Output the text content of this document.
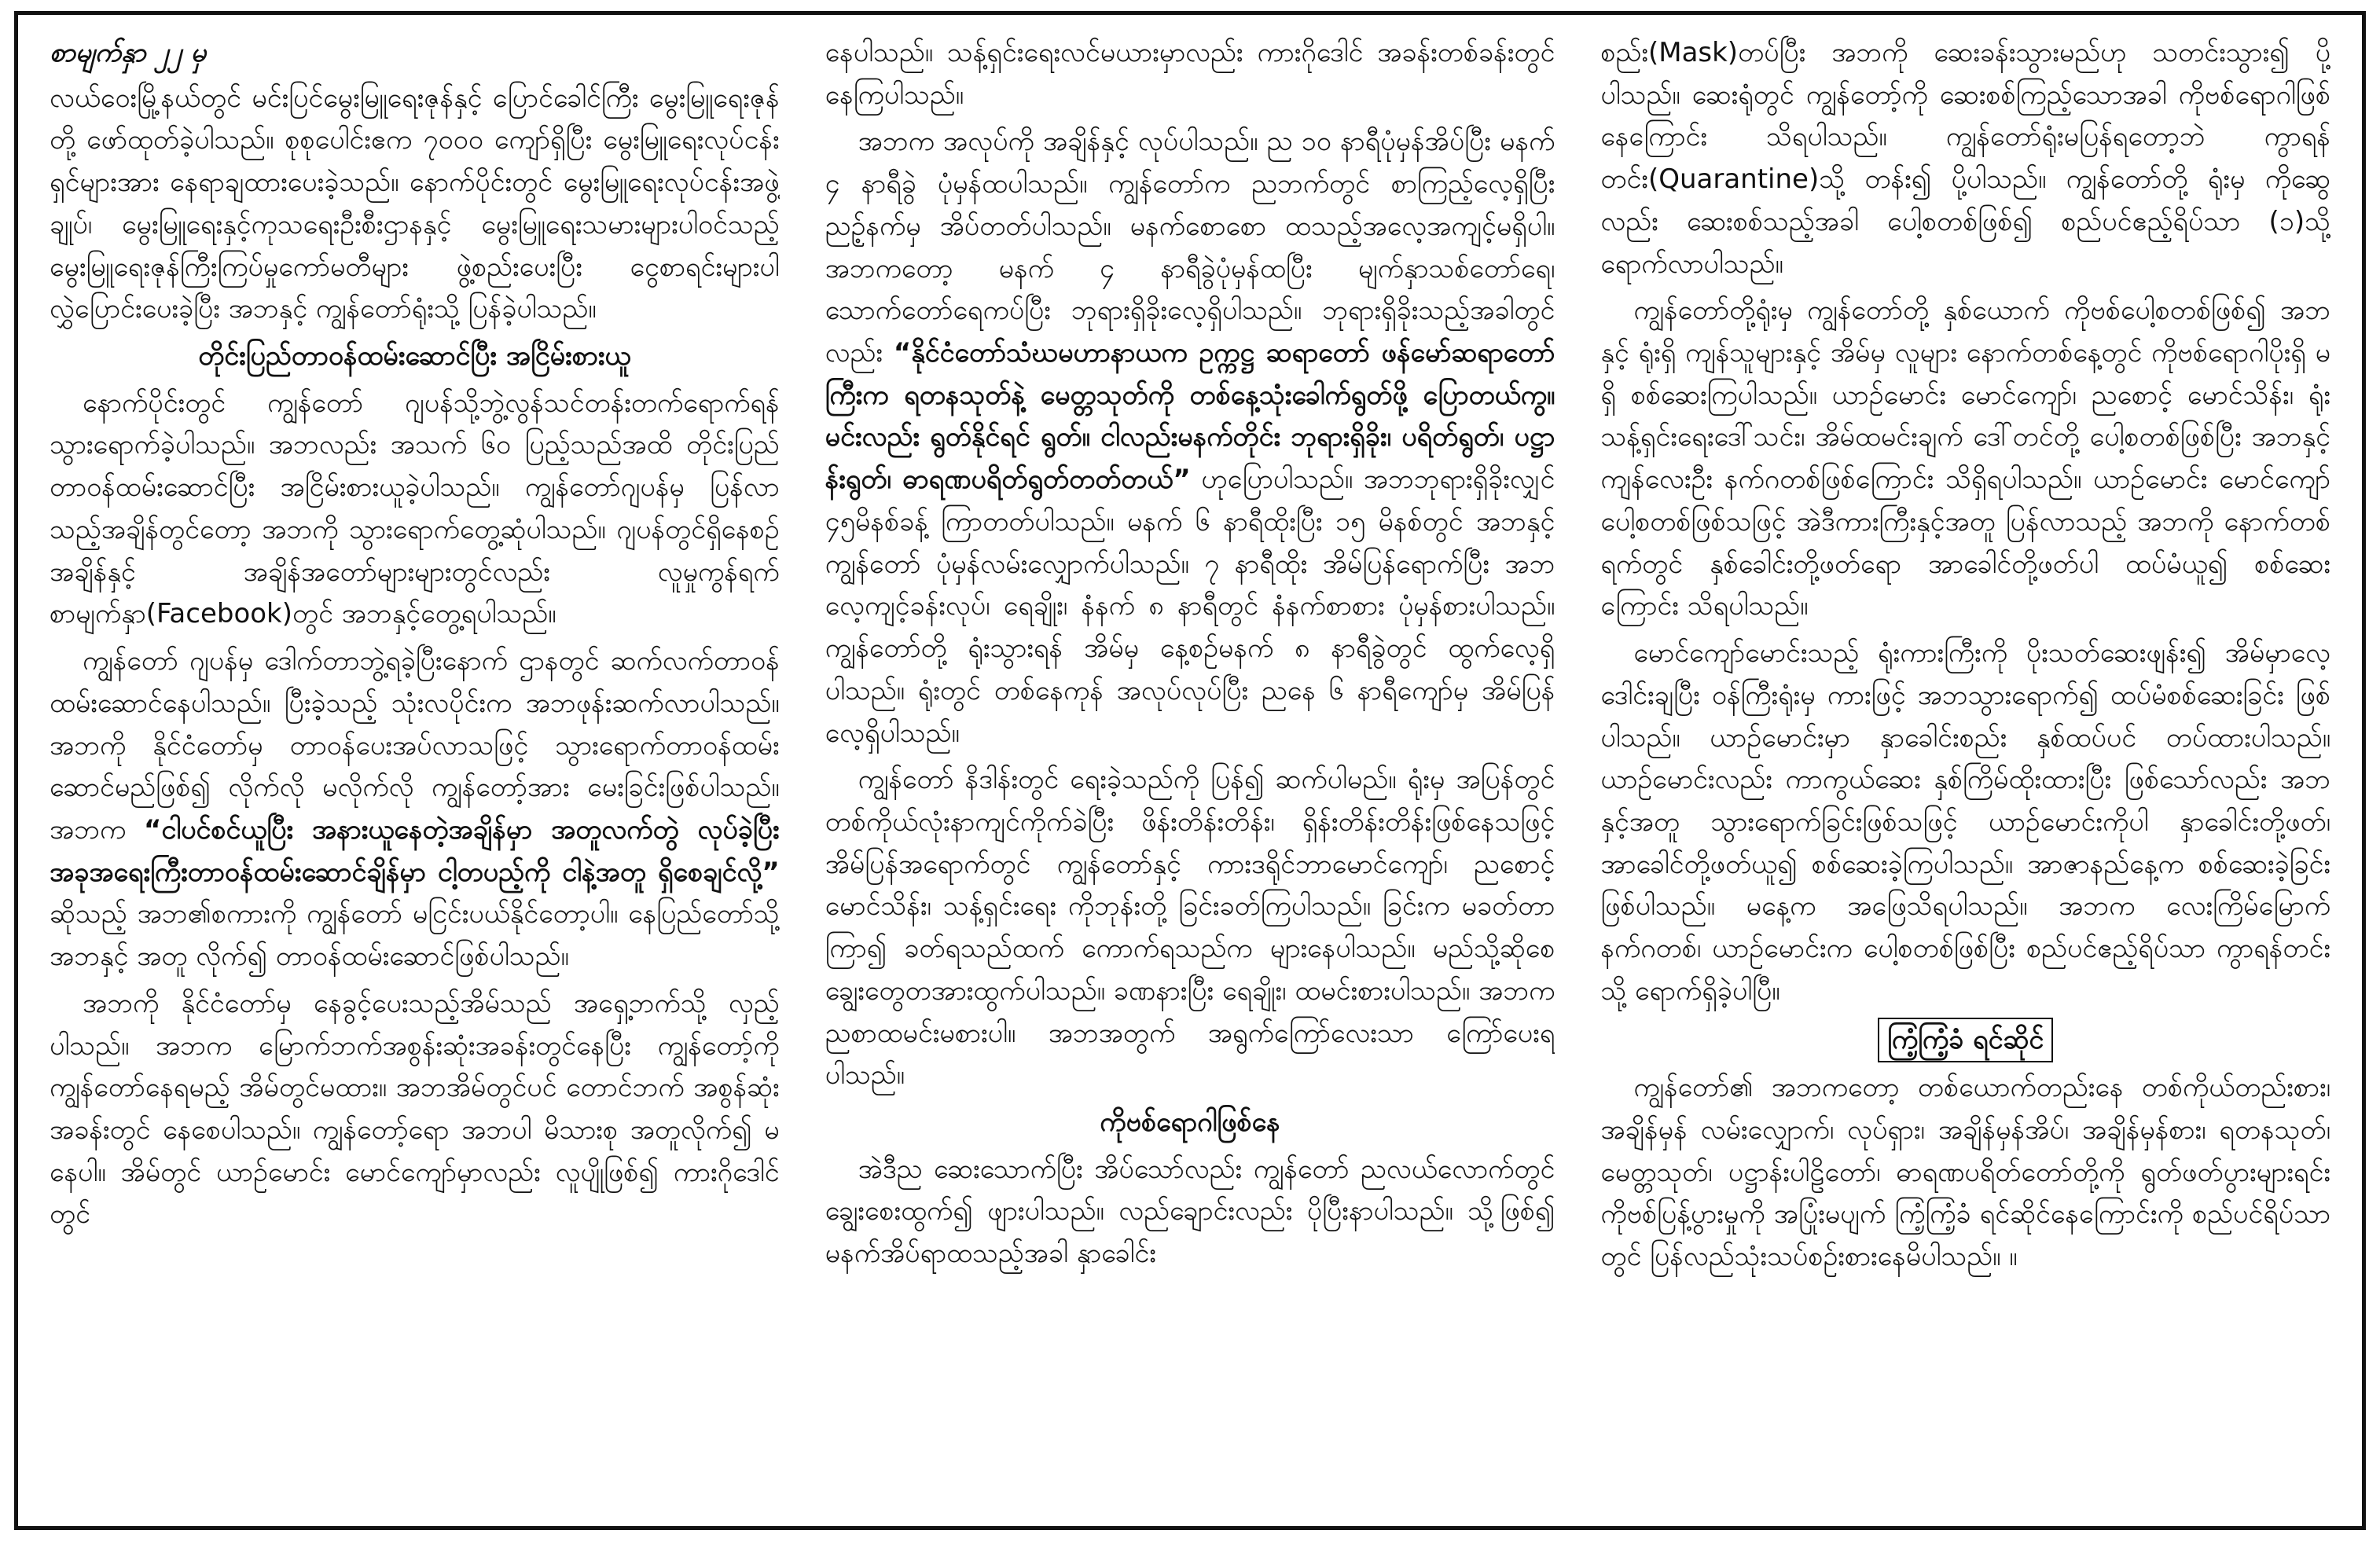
စာမျက်နှာ ၂၂ မှ

လယ်ဝေးမြို့နယ်တွင် မင်းပြင်မွေးမြူရေးဇုန်နှင့် ပြောင်ခေါင်ကြီး မွေးမြူရေးဇုန်တို့ ဖော်ထုတ်ခဲ့ပါသည်။ စုစုပေါင်းဧက ၇၀၀၀ ကျော်ရှိပြီး မွေးမြူရေးလုပ်ငန်းရှင်များအား နေရာချထားပေးခဲ့သည်။ နောက်ပိုင်းတွင် မွေးမြူရေးလုပ်ငန်းအဖွဲ့ချုပ်၊ မွေးမြူရေးနှင့်ကုသရေးဦးစီးဌာနနှင့် မွေးမြူရေးသမားများပါဝင်သည့် မွေးမြူရေးဇုန်ကြီးကြပ်မှုကော်မတီများ ဖွဲ့စည်းပေးပြီး ငွေစာရင်းများပါ လွှဲပြောင်းပေးခဲ့ပြီး အဘနှင့် ကျွန်တော်ရုံးသို့ ပြန်ခဲ့ပါသည်။

တိုင်းပြည်တာဝန်ထမ်းဆောင်ပြီး အငြိမ်းစားယူ

နောက်ပိုင်းတွင် ကျွန်တော် ဂျပန်သို့ဘွဲ့လွန်သင်တန်းတက်ရောက်ရန် သွားရောက်ခဲ့ပါသည်။ အဘလည်း အသက် ၆၀ ပြည့်သည်အထိ တိုင်းပြည်တာဝန်ထမ်းဆောင်ပြီး အငြိမ်းစားယူခဲ့ပါသည်။ ကျွန်တော်ဂျပန်မှ ပြန်လာသည့်အချိန်တွင်တော့ အဘကို သွားရောက်တွေ့ဆုံပါသည်။ ဂျပန်တွင်ရှိနေစဉ်အချိန်နှင့် အချိန်အတော်များများတွင်လည်း လူမှုကွန်ရက်စာမျက်နှာ(Facebook)တွင် အဘနှင့်တွေ့ရပါသည်။

ကျွန်တော် ဂျပန်မှ ဒေါက်တာဘွဲ့ရခဲ့ပြီးနောက် ဌာနတွင် ဆက်လက်တာဝန်ထမ်းဆောင်နေပါသည်။ ပြီးခဲ့သည့် သုံးလပိုင်းက အဘဖုန်းဆက်လာပါသည်။ အဘကို နိုင်ငံတော်မှ တာဝန်ပေးအပ်လာသဖြင့် သွားရောက်တာဝန်ထမ်းဆောင်မည်ဖြစ်၍ လိုက်လို မလိုက်လို ကျွန်တော့်အား မေးခြင်းဖြစ်ပါသည်။ အဘက “ငါပင်စင်ယူပြီး အနားယူနေတဲ့အချိန်မှာ အတူလက်တွဲ လုပ်ခဲ့ပြီး အခုအရေးကြီးတာဝန်ထမ်းဆောင်ချိန်မှာ ငါ့တပည့်ကို ငါနဲ့အတူ ရှိစေချင်လို့” ဆိုသည့် အဘ၏စကားကို ကျွန်တော် မငြင်းပယ်နိုင်တော့ပါ။ နေပြည်တော်သို့ အဘနှင့် အတူ လိုက်၍ တာဝန်ထမ်းဆောင်ဖြစ်ပါသည်။

အဘကို နိုင်ငံတော်မှ နေခွင့်ပေးသည့်အိမ်သည် အရှေ့ဘက်သို့ လှည့်ပါသည်။ အဘက မြောက်ဘက်အစွန်းဆုံးအခန်းတွင်နေပြီး ကျွန်တော့်ကို ကျွန်တော်နေရမည့် အိမ်တွင်မထား။ အဘအိမ်တွင်ပင် တောင်ဘက် အစွန်ဆုံးအခန်းတွင် နေစေပါသည်။ ကျွန်တော့်ရော အဘပါ မိသားစု အတူလိုက်၍ မနေပါ။ အိမ်တွင် ယာဉ်မောင်း မောင်ကျော်မှာလည်း လူပျိုဖြစ်၍ ကားဂိုဒေါင်တွင်

နေပါသည်။ သန့်ရှင်းရေးလင်မယားမှာလည်း ကားဂိုဒေါင် အခန်းတစ်ခန်းတွင် နေကြပါသည်။

အဘက အလုပ်ကို အချိန်နှင့် လုပ်ပါသည်။ ည ၁၀ နာရီပုံမှန်အိပ်ပြီး မနက် ၄ နာရီခွဲ ပုံမှန်ထပါသည်။ ကျွန်တော်က ညဘက်တွင် စာကြည့်လေ့ရှိပြီး ညဉ့်နက်မှ အိပ်တတ်ပါသည်။ မနက်စောစော ထသည့်အလေ့အကျင့်မရှိပါ။ အဘကတော့ မနက် ၄ နာရီခွဲပုံမှန်ထပြီး မျက်နှာသစ်တော်ရေ၊ သောက်တော်ရေကပ်ပြီး ဘုရားရှိခိုးလေ့ရှိပါသည်။ ဘုရားရှိခိုးသည့်အခါတွင်လည်း “နိုင်ငံတော်သံဃမဟာနာယက ဥက္ကဋ္ဌ ဆရာတော် ဖန်မော်ဆရာတော်ကြီးက ရတနသုတ်နဲ့ မေတ္တသုတ်ကို တစ်နေ့သုံးခေါက်ရွတ်ဖို့ ပြောတယ်ကွ။ မင်းလည်း ရွတ်နိုင်ရင် ရွတ်။ ငါလည်းမနက်တိုင်း ဘုရားရှိခိုး၊ ပရိတ်ရွတ်၊ ပဋ္ဌာန်းရွတ်၊ ဓာရဏပရိတ်ရွတ်တတ်တယ်” ဟုပြောပါသည်။ အဘဘုရားရှိခိုးလျှင် ၄၅မိနစ်ခန့် ကြာတတ်ပါသည်။ မနက် ၆ နာရီထိုးပြီး ၁၅ မိနစ်တွင် အဘနှင့် ကျွန်တော် ပုံမှန်လမ်းလျှောက်ပါသည်။ ၇ နာရီထိုး အိမ်ပြန်ရောက်ပြီး အဘလေ့ကျင့်ခန်းလုပ်၊ ရေချိုး၊ နံနက် ၈ နာရီတွင် နံနက်စာစား ပုံမှန်စားပါသည်။ ကျွန်တော်တို့ ရုံးသွားရန် အိမ်မှ နေ့စဉ်မနက် ၈ နာရီခွဲတွင် ထွက်လေ့ရှိပါသည်။ ရုံးတွင် တစ်နေကုန် အလုပ်လုပ်ပြီး ညနေ ၆ နာရီကျော်မှ အိမ်ပြန်လေ့ရှိပါသည်။

ကျွန်တော် နိဒါန်းတွင် ရေးခဲ့သည်ကို ပြန်၍ ဆက်ပါမည်။ ရုံးမှ အပြန်တွင် တစ်ကိုယ်လုံးနာကျင်ကိုက်ခဲပြီး ဖိန်းတိန်းတိန်း၊ ရှိန်းတိန်းတိန်းဖြစ်နေသဖြင့် အိမ်ပြန်အရောက်တွင် ကျွန်တော်နှင့် ကားဒရိုင်ဘာမောင်ကျော်၊ ညစောင့်မောင်သိန်း၊ သန့်ရှင်းရေး ကိုဘုန်းတို့ ခြင်းခတ်ကြပါသည်။ ခြင်းက မခတ်တာကြာ၍ ခတ်ရသည်ထက် ကောက်ရသည်က များနေပါသည်။ မည်သို့ဆိုစေ ချွေးတွေတအားထွက်ပါသည်။ ခဏနားပြီး ရေချိုး၊ ထမင်းစားပါသည်။ အဘက ညစာထမင်းမစားပါ။ အဘအတွက် အရွက်ကြော်လေးသာ ကြော်ပေးရပါသည်။

ကိုဗစ်ရောဂါဖြစ်နေ

အဲဒီည ဆေးသောက်ပြီး အိပ်သော်လည်း ကျွန်တော် ညလယ်လောက်တွင် ချွေးစေးထွက်၍ ဖျားပါသည်။ လည်ချောင်းလည်း ပိုပြီးနာပါသည်။ သို့ဖြစ်၍ မနက်အိပ်ရာထသည့်အခါ နှာခေါင်း

စည်း(Mask)တပ်ပြီး အဘကို ဆေးခန်းသွားမည်ဟု သတင်းသွား၍ ပို့ပါသည်။ ဆေးရုံတွင် ကျွန်တော့်ကို ဆေးစစ်ကြည့်သောအခါ ကိုဗစ်ရောဂါဖြစ်နေကြောင်း သိရပါသည်။ ကျွန်တော်ရုံးမပြန်ရတော့ဘဲ ကွာရန်တင်း(Quarantine)သို့ တန်း၍ ပို့ပါသည်။ ကျွန်တော်တို့ ရုံးမှ ကိုဆွေလည်း ဆေးစစ်သည့်အခါ ပေါ့စတစ်ဖြစ်၍ စည်ပင်ဧည့်ရိပ်သာ (၁)သို့ ရောက်လာပါသည်။

ကျွန်တော်တို့ရုံးမှ ကျွန်တော်တို့ နှစ်ယောက် ကိုဗစ်ပေါ့စတစ်ဖြစ်၍ အဘနှင့် ရုံးရှိ ကျန်သူများနှင့် အိမ်မှ လူများ နောက်တစ်နေ့တွင် ကိုဗစ်ရောဂါပိုးရှိ မရှိ စစ်ဆေးကြပါသည်။ ယာဉ်မောင်း မောင်ကျော်၊ ညစောင့် မောင်သိန်း၊ ရုံးသန့်ရှင်းရေးဒေါ်သင်း၊ အိမ်ထမင်းချက် ဒေါ်တင်တို့ ပေါ့စတစ်ဖြစ်ပြီး အဘနှင့် ကျန်လေးဦး နက်ဂတစ်ဖြစ်ကြောင်း သိရှိရပါသည်။ ယာဉ်မောင်း မောင်ကျော် ပေါ့စတစ်ဖြစ်သဖြင့် အဲဒီကားကြီးနှင့်အတူ ပြန်လာသည့် အဘကို နောက်တစ်ရက်တွင် နှစ်ခေါင်းတို့ဖတ်ရော အာခေါင်တို့ဖတ်ပါ ထပ်မံယူ၍ စစ်ဆေးကြောင်း သိရပါသည်။

မောင်ကျော်မောင်းသည့် ရုံးကားကြီးကို ပိုးသတ်ဆေးဖျန်း၍ အိမ်မှာလေ့ဒေါင်းချပြီး ဝန်ကြီးရုံးမှ ကားဖြင့် အဘသွားရောက်၍ ထပ်မံစစ်ဆေးခြင်း ဖြစ်ပါသည်။ ယာဉ်မောင်းမှာ နှာခေါင်းစည်း နှစ်ထပ်ပင် တပ်ထားပါသည်။ ယာဉ်မောင်းလည်း ကာကွယ်ဆေး နှစ်ကြိမ်ထိုးထားပြီး ဖြစ်သော်လည်း အဘနှင့်အတူ သွားရောက်ခြင်းဖြစ်သဖြင့် ယာဉ်မောင်းကိုပါ နှာခေါင်းတို့ဖတ်၊ အာခေါင်တို့ဖတ်ယူ၍ စစ်ဆေးခဲ့ကြပါသည်။ အာဇာနည်နေ့က စစ်ဆေးခဲ့ခြင်း ဖြစ်ပါသည်။ မနေ့က အဖြေသိရပါသည်။ အဘက လေးကြိမ်မြောက် နက်ဂတစ်၊ ယာဉ်မောင်းက ပေါ့စတစ်ဖြစ်ပြီး စည်ပင်ဧည့်ရိပ်သာ ကွာရန်တင်းသို့ ရောက်ရှိခဲ့ပါပြီ။

ကြံ့ကြံ့ခံ ရင်ဆိုင်

ကျွန်တော်၏ အဘကတော့ တစ်ယောက်တည်းနေ တစ်ကိုယ်တည်းစား၊ အချိန်မှန် လမ်းလျှောက်၊ လုပ်ရှား၊ အချိန်မှန်အိပ်၊ အချိန်မှန်စား၊ ရတနသုတ်၊ မေတ္တသုတ်၊ ပဋ္ဌာန်းပါဠိတော်၊ ဓာရဏပရိတ်တော်တို့ကို ရွတ်ဖတ်ပွားများရင်း ကိုဗစ်ပြန့်ပွားမှုကို အပြုံးမပျက် ကြံ့ကြံ့ခံ ရင်ဆိုင်နေကြောင်းကို စည်ပင်ရိပ်သာတွင် ပြန်လည်သုံးသပ်စဉ်းစားနေမိပါသည်။ ။
